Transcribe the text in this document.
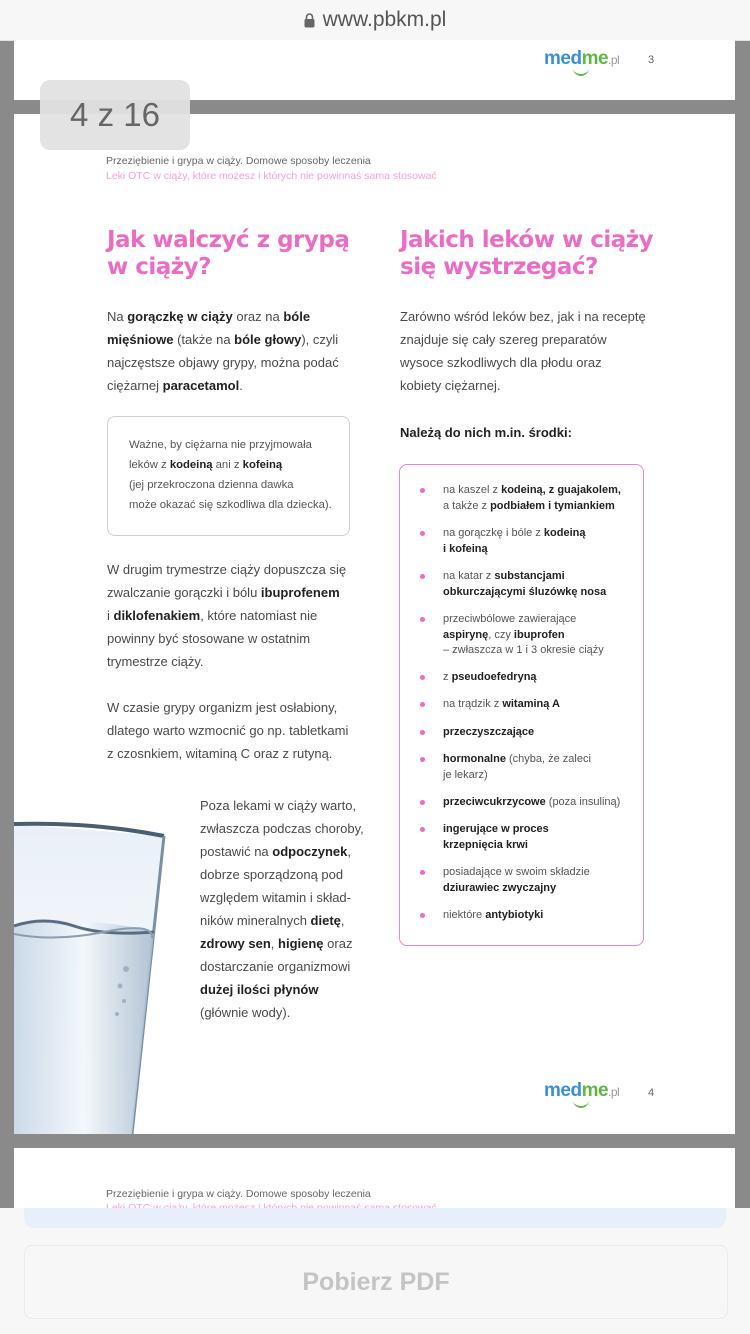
www.pbkm.pl
medme.pl	3
4 z 16
Przeziębienie i grypa w ciąży. Domowe sposoby leczenia
Leki OTC w ciąży, które możesz i których nie powinnaś sama stosować
Jak walczyć z grypą
w ciąży?
Jakich leków w ciąży
się wystrzegać?
Na gorączkę w ciąży oraz na bóle
mięśniowe (także na bóle głowy), czyli
najczęstsze objawy grypy, można podać
ciężarnej paracetamol.
Ważne, by ciężarna nie przyjmowała
leków z kodeiną ani z kofeiną
(jej przekroczona dzienna dawka
może okazać się szkodliwa dla dziecka).
W drugim trymestrze ciąży dopuszcza się
zwalczanie gorączki i bólu ibuprofenem
i diklofenakiem, które natomiast nie
powinny być stosowane w ostatnim
trymestrze ciąży.
W czasie grypy organizm jest osłabiony,
dlatego warto wzmocnić go np. tabletkami
z czosnkiem, witaminą C oraz z rutyną.
Poza lekami w ciąży warto,
zwłaszcza podczas choroby,
postawić na odpoczynek,
dobrze sporządzoną pod
względem witamin i skład-
ników mineralnych dietę,
zdrowy sen, higienę oraz
dostarczanie organizmowi
dużej ilości płynów
(głównie wody).
Zarówno wśród leków bez, jak i na receptę
znajduje się cały szereg preparatów
wysoce szkodliwych dla płodu oraz
kobiety ciężarnej.
Należą do nich m.in. środki:
na kaszel z kodeiną, z guajakolem,
a także z podbiałem i tymiankiem
na gorączkę i bóle z kodeiną
i kofeiną
na katar z substancjami
obkurczającymi śluzówkę nosa
przeciwbólowe zawierające
aspirynę, czy ibuprofen
– zwłaszcza w 1 i 3 okresie ciąży
z pseudoefedryną
na trądzik z witaminą A
przeczyszczające
hormonalne (chyba, że zaleci
je lekarz)
przeciwcukrzycowe (poza insuliną)
ingerujące w proces
krzepnięcia krwi
posiadające w swoim składzie
dziurawiec zwyczajny
niektóre antybiotyki
medme.pl	4
Przeziębienie i grypa w ciąży. Domowe sposoby leczenia
Pobierz PDF
